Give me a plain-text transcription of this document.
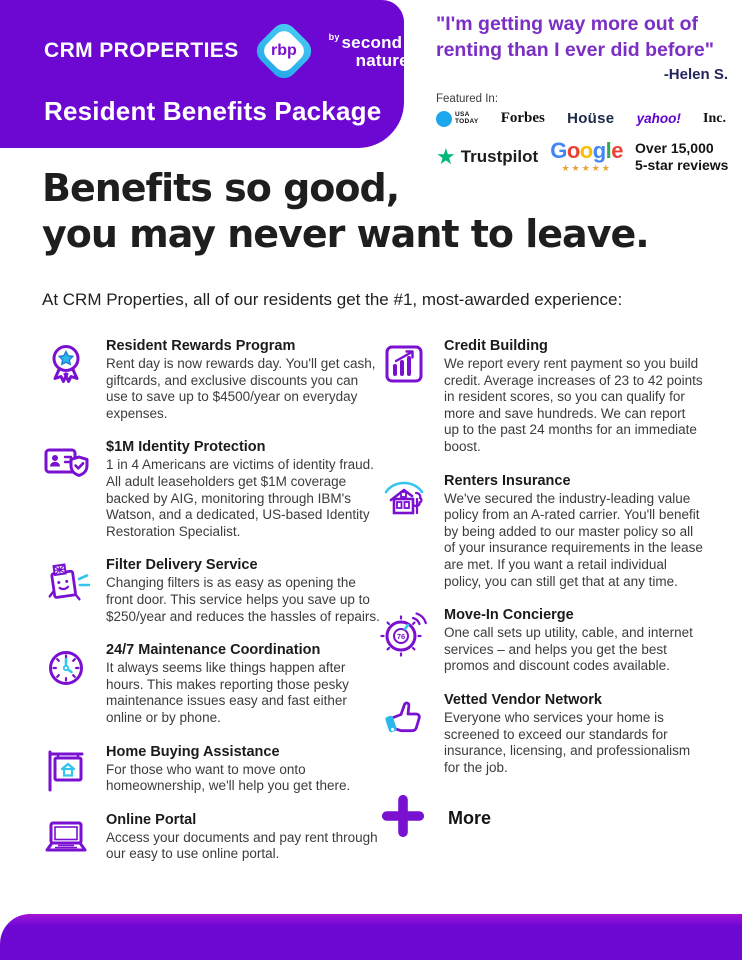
CRM PROPERTIES rbp
$^{by}$ second
nature
Resident Benefits Package
"I'm getting way more out of
renting than I ever did before"
-Helen S.
Featured In:
USA
TODAY Forbes Hoüse yahoo! Inc.
★ Trustpilot Google
★★★★★
Over 15,000
5-star reviews
Benefits so good,
you may never want to leave.
At CRM Properties, all of our residents get the #1, most-awarded experience:
Resident Rewards Program
Rent day is now rewards day. You'll get cash, giftcards, and exclusive discounts you can use to save up to $4500/year on everyday expenses.
$1M Identity Protection
1 in 4 Americans are victims of identity fraud. All adult leaseholders get $1M coverage backed by AIG, monitoring through IBM's Watson, and a dedicated, US-based Identity Restoration Specialist.
Filter Delivery Service
Changing filters is as easy as opening the front door. This service helps you save up to $250/year and reduces the hassles of repairs.
24/7 Maintenance Coordination
It always seems like things happen after hours. This makes reporting those pesky maintenance issues easy and fast either online or by phone.
Home Buying Assistance
For those who want to move onto homeownership, we'll help you get there.
Online Portal
Access your documents and pay rent through our easy to use online portal.
Credit Building
We report every rent payment so you build credit. Average increases of 23 to 42 points in resident scores, so you can qualify for more and save hundreds. We can report up to the past 24 months for an immediate boost.
Renters Insurance
We've secured the industry-leading value policy from an A-rated carrier. You'll benefit by being added to our master policy so all of your insurance requirements in the lease are met. If you want a retail individual policy, you can still get that at any time.
76
Move-In Concierge
One call sets up utility, cable, and internet services – and helps you get the best promos and discount codes available.
Vetted Vendor Network
Everyone who services your home is screened to exceed our standards for insurance, licensing, and professionalism for the job.
More
